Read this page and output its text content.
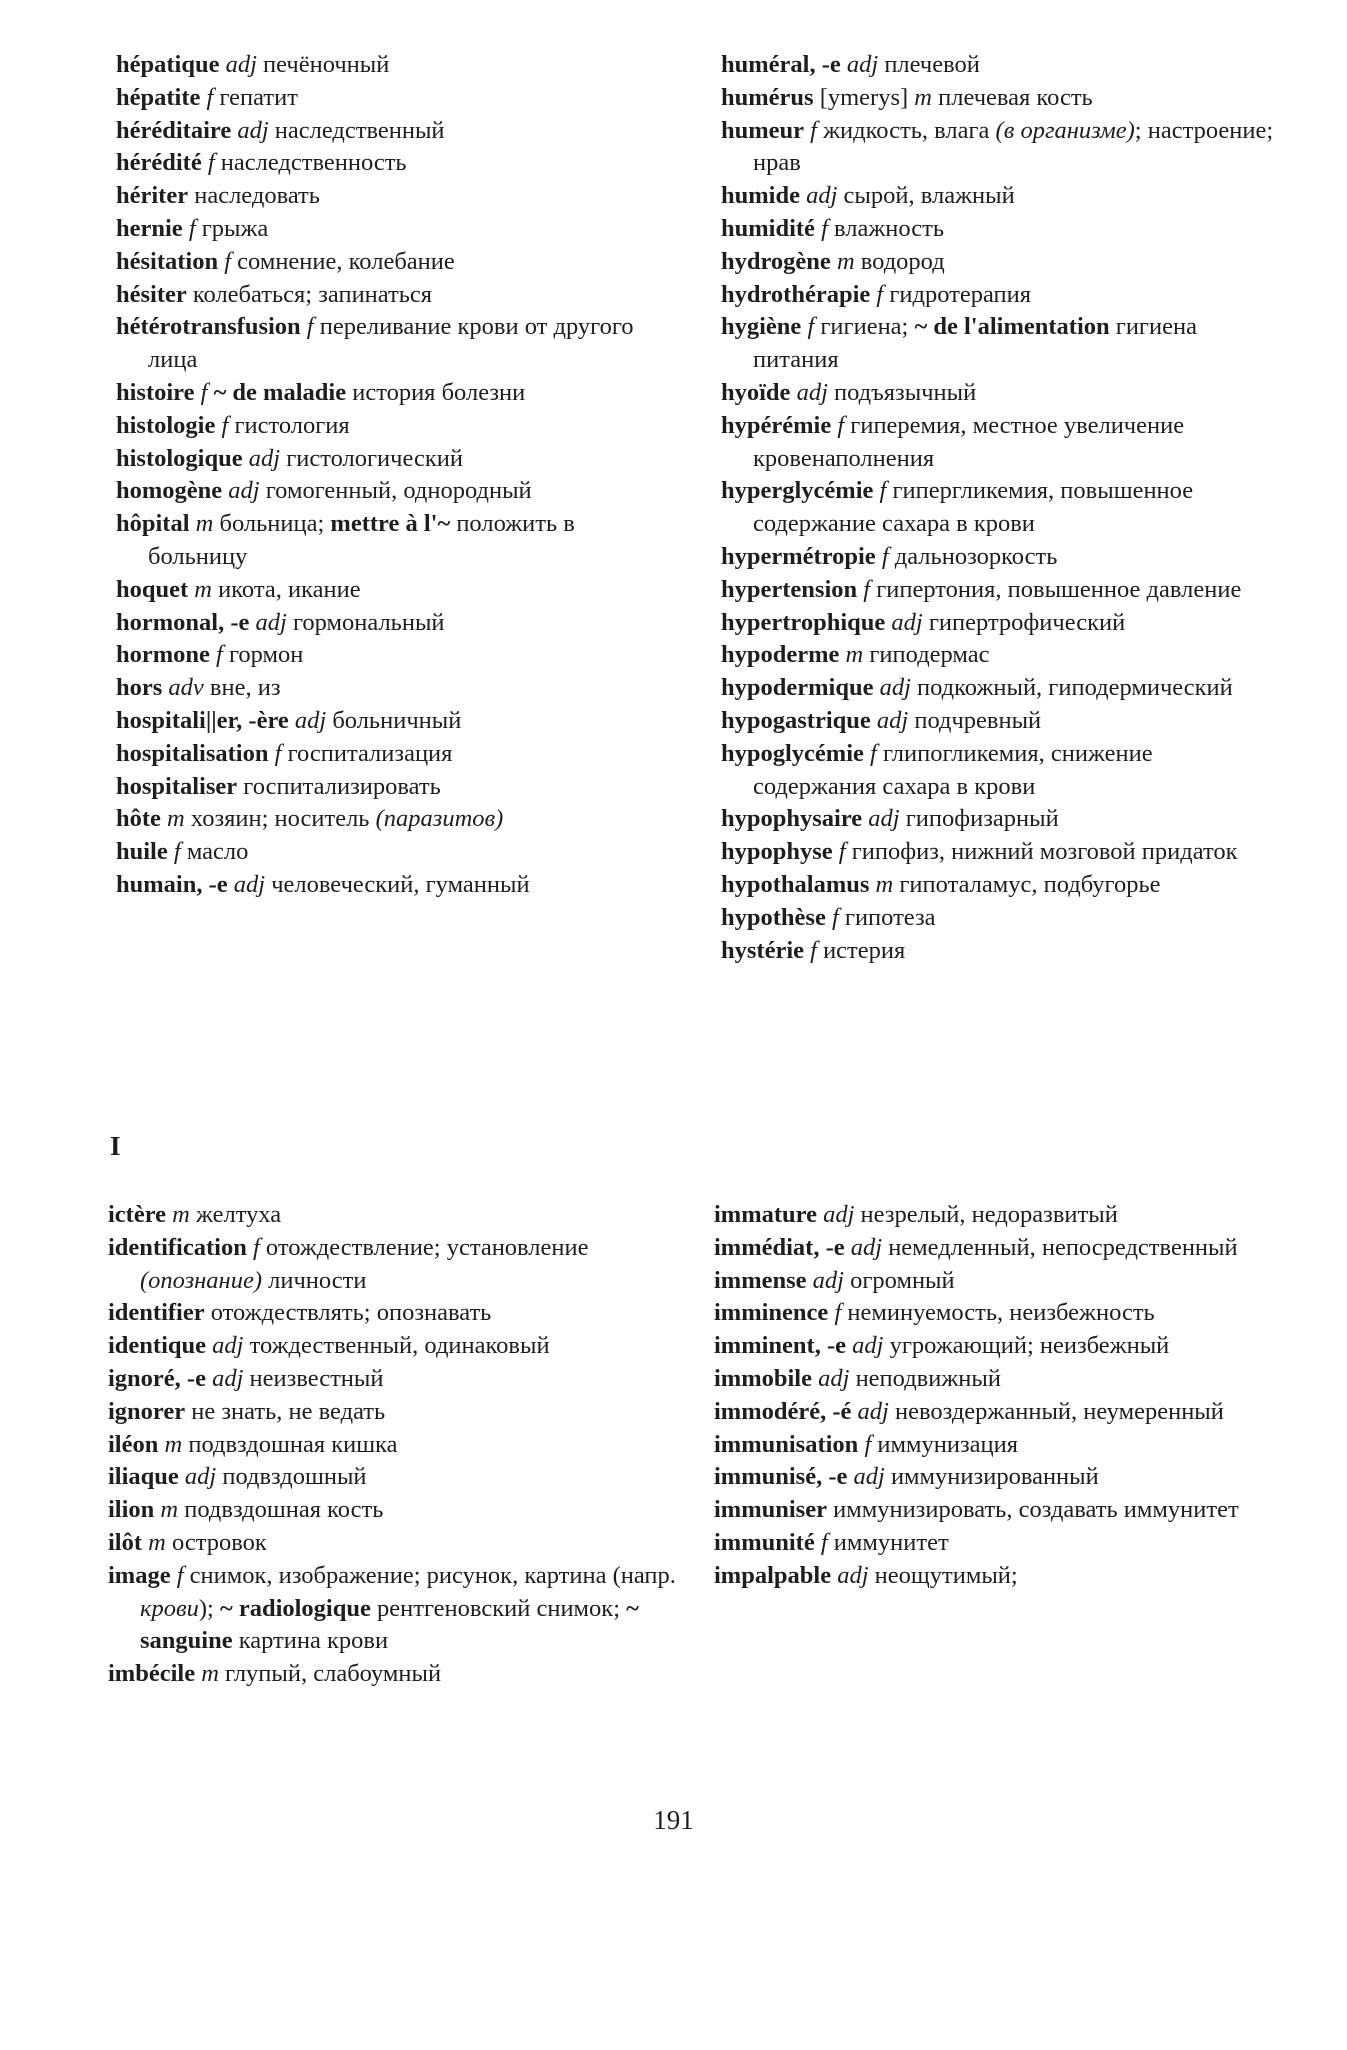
hépatique adj печёночный
hépatite f гепатит
héréditaire adj наследственный
hérédité f наследственность
hériter наследовать
hernie f грыжа
hésitation f сомнение, колебание
hésiter колебаться; запинаться
hétérotransfusion f переливание крови от другого лица
histoire f ~ de maladie история болезни
histologie f гистология
histologique adj гистологический
homogène adj гомогенный, однородный
hôpital m больница; mettre à l'~ положить в больницу
hoquet m икота, икание
hormonal, -e adj гормональный
hormone f гормон
hors adv вне, из
hospitali||er, -ère adj больничный
hospitalisation f госпитализация
hospitaliser госпитализировать
hôte m хозяин; носитель (паразитов)
huile f масло
humain, -e adj человеческий, гуманный
huméral, -e adj плечевой
humérus [ymerys] m плечевая кость
humeur f жидкость, влага (в организме); настроение; нрав
humide adj сырой, влажный
humidité f влажность
hydrogène m водород
hydrothérapie f гидротерапия
hygiène f гигиена; ~ de l'alimentation гигиена питания
hyoïde adj подъязычный
hypérémie f гиперемия, местное увеличение кровенаполнения
hyperglycémie f гипергликемия, повышенное содержание сахара в крови
hypermétropie f дальнозоркость
hypertension f гипертония, повышенное давление
hypertrophique adj гипертрофический
hypoderme m гиподермас
hypodermique adj подкожный, гиподермический
hypogastrique adj подчревный
hypoglycémie f глипогликемия, снижение содержания сахара в крови
hypophysaire adj гипофизарный
hypophyse f гипофиз, нижний мозговой придаток
hypothalamus m гипоталамус, подбугорье
hypothèse f гипотеза
hystérie f истерия
I
ictère m желтуха
identification f отождествление; установление (опознание) личности
identifier отождествлять; опознавать
identique adj тождественный, одинаковый
ignoré, -e adj неизвестный
ignorer не знать, не ведать
iléon m подвздошная кишка
iliaque adj подвздошный
ilion m подвздошная кость
ilôt m островок
image f снимок, изображение; рисунок, картина (напр. крови); ~ radiologique рентгеновский снимок; ~ sanguine картина крови
imbécile m глупый, слабоумный
immature adj незрелый, недоразвитый
immédiat, -e adj немедленный, непосредственный
immense adj огромный
imminence f неминуемость, неизбежность
imminent, -e adj угрожающий; неизбежный
immobile adj неподвижный
immodéré, -é adj невоздержанный, неумеренный
immunisation f иммунизация
immunisé, -e adj иммунизированный
immuniser иммунизировать, создавать иммунитет
immunité f иммунитет
impalpable adj неощутимый;
191
